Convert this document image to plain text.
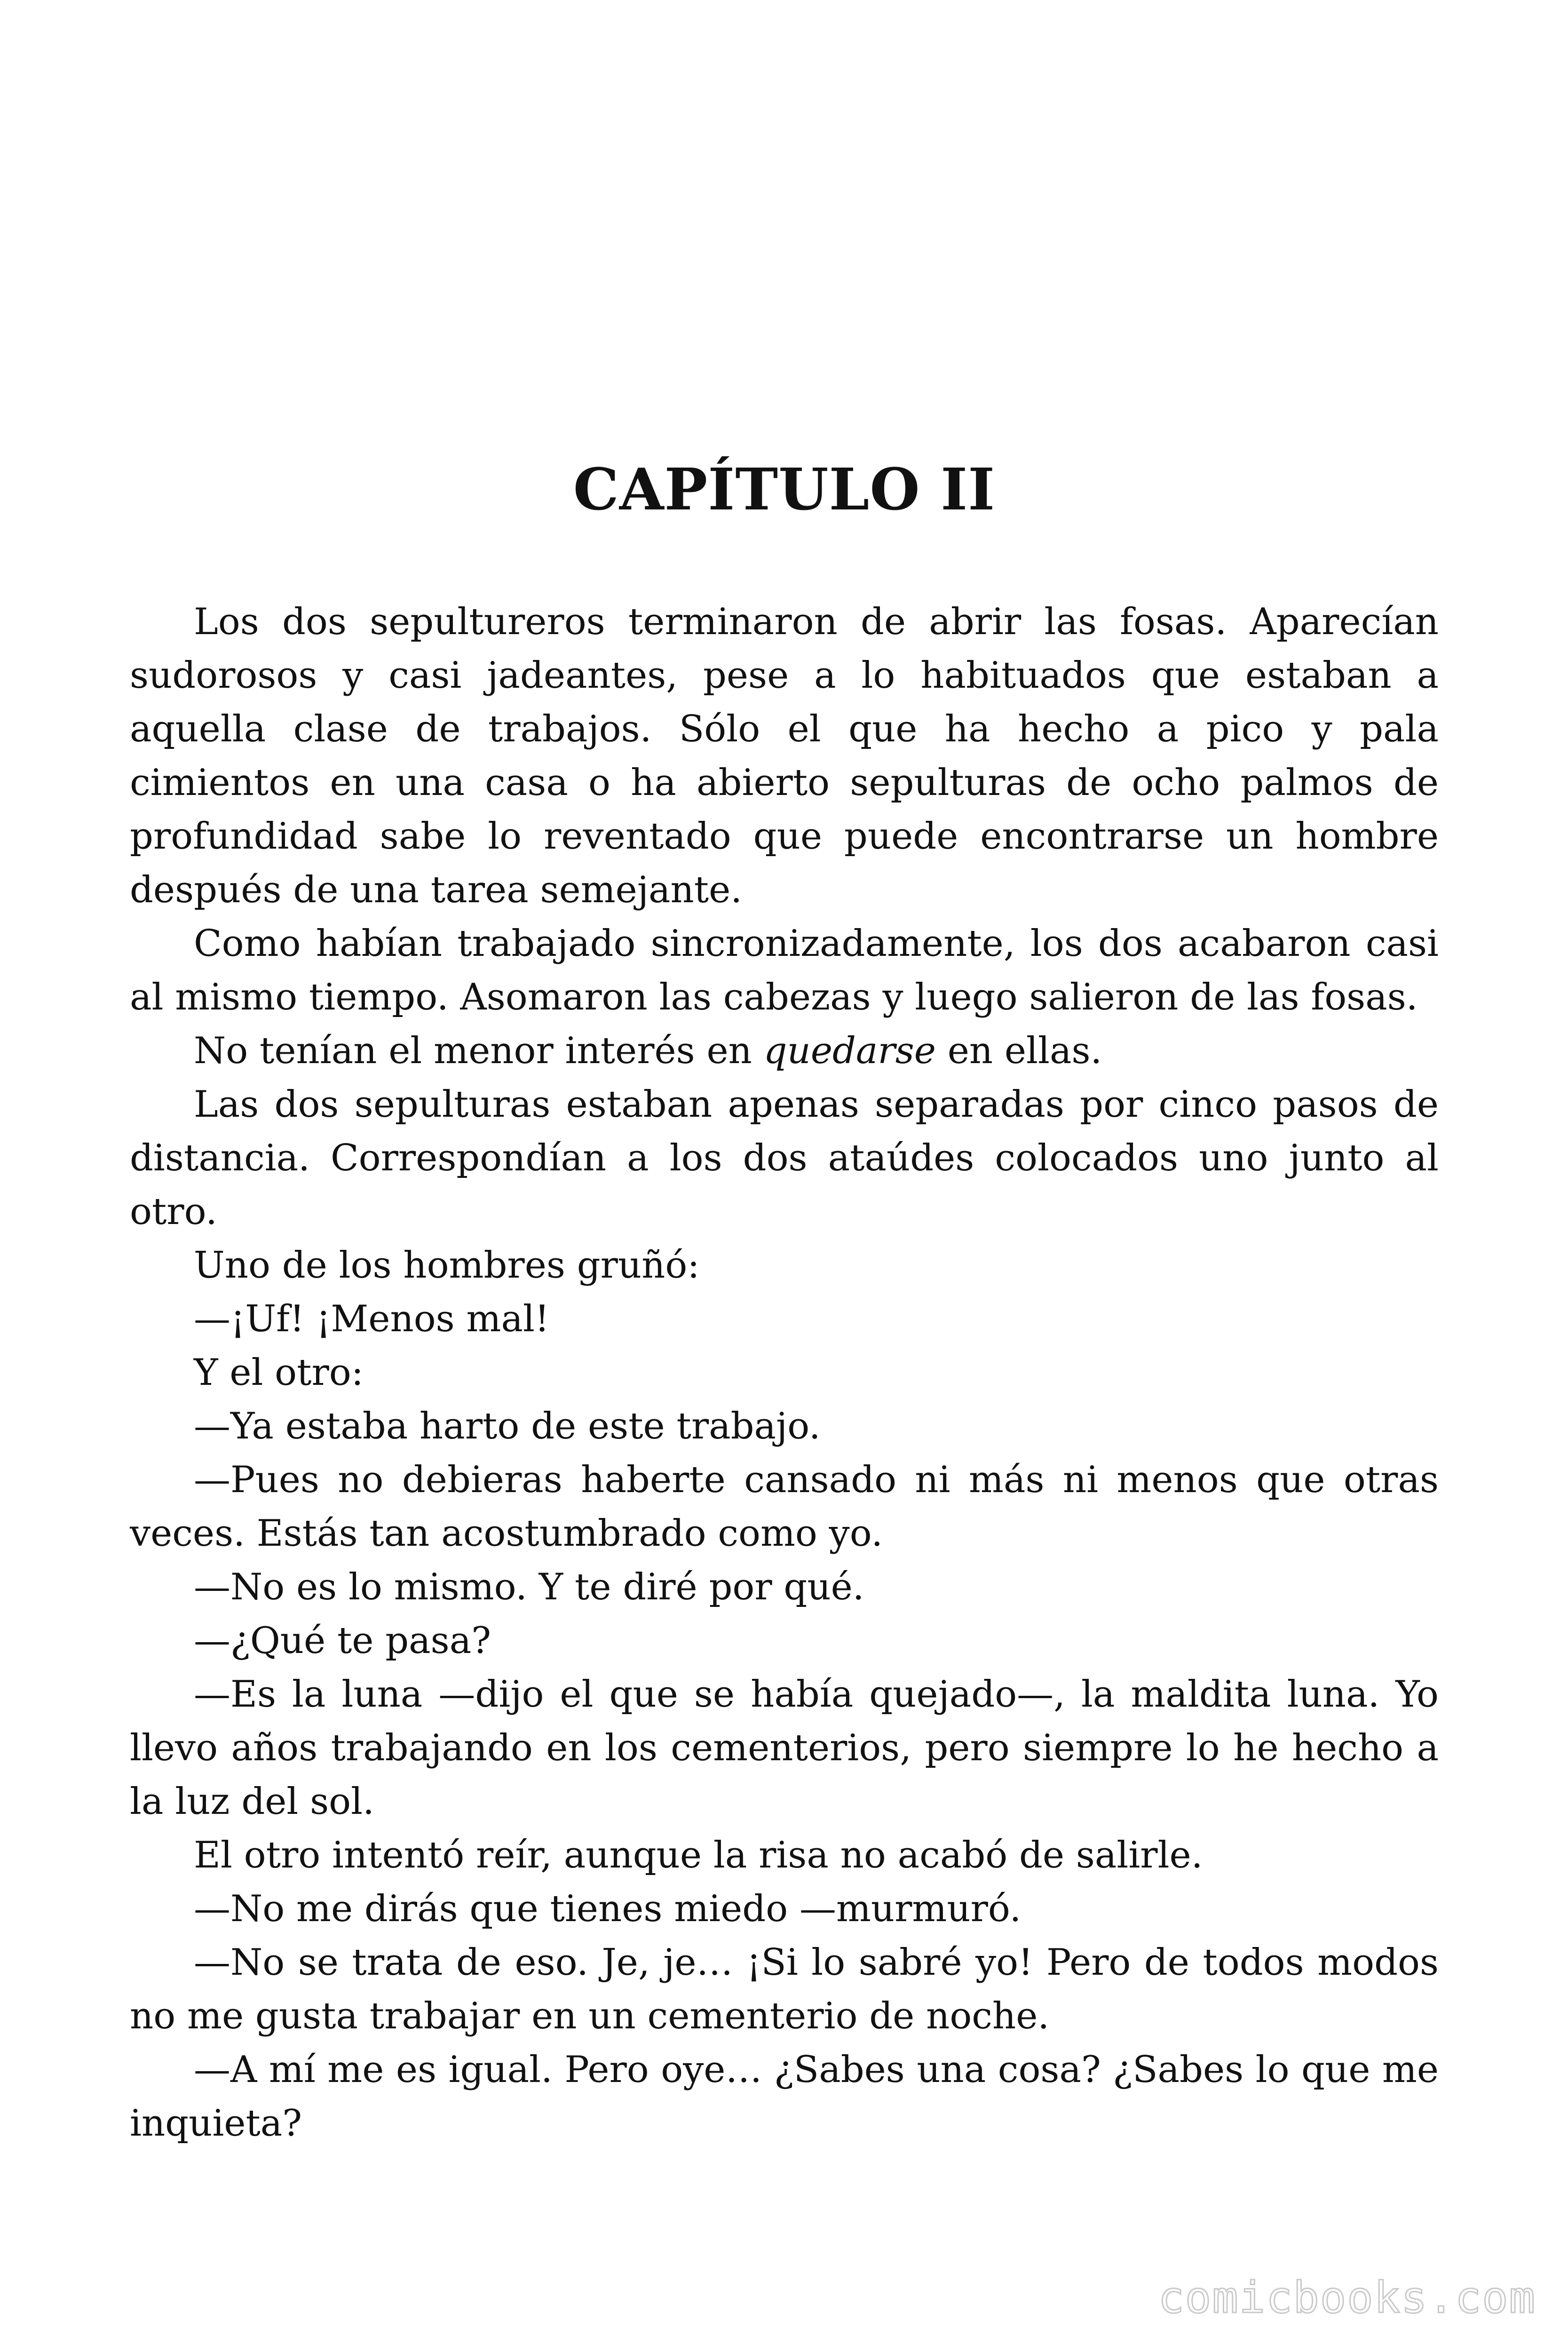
CAPÍTULO II

Los dos sepultureros terminaron de abrir las fosas. Aparecían sudorosos y casi jadeantes, pese a lo habituados que estaban a aquella clase de trabajos. Sólo el que ha hecho a pico y pala cimientos en una casa o ha abierto sepulturas de ocho palmos de profundidad sabe lo reventado que puede encontrarse un hombre después de una tarea semejante.

Como habían trabajado sincronizadamente, los dos acabaron casi al mismo tiempo. Asomaron las cabezas y luego salieron de las fosas.

No tenían el menor interés en quedarse en ellas.

Las dos sepulturas estaban apenas separadas por cinco pasos de distancia. Correspondían a los dos ataúdes colocados uno junto al otro.

Uno de los hombres gruñó:

—¡Uf! ¡Menos mal!

Y el otro:

—Ya estaba harto de este trabajo.

—Pues no debieras haberte cansado ni más ni menos que otras veces. Estás tan acostumbrado como yo.

—No es lo mismo. Y te diré por qué.

—¿Qué te pasa?

—Es la luna —dijo el que se había quejado—, la maldita luna. Yo llevo años trabajando en los cementerios, pero siempre lo he hecho a la luz del sol.

El otro intentó reír, aunque la risa no acabó de salirle.

—No me dirás que tienes miedo —murmuró.

—No se trata de eso. Je, je… ¡Si lo sabré yo! Pero de todos modos no me gusta trabajar en un cementerio de noche.

—A mí me es igual. Pero oye… ¿Sabes una cosa? ¿Sabes lo que me inquieta?

comicbooks.com
